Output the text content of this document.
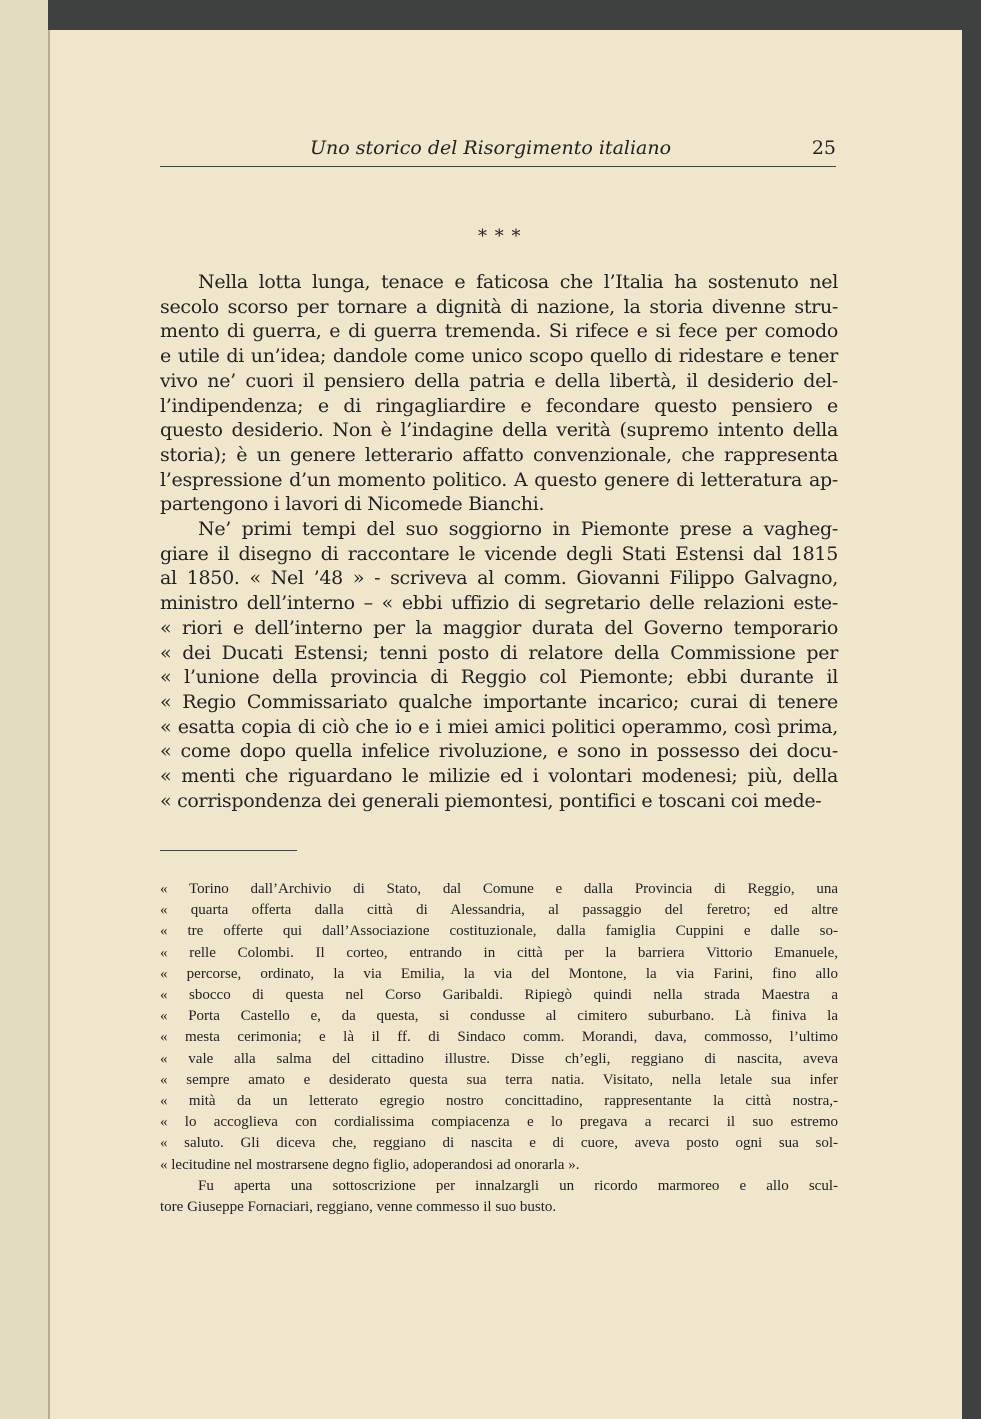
Uno storico del Risorgimento italiano	25
* * *
Nella lotta lunga, tenace e faticosa che l’Italia ha sostenuto nel
secolo scorso per tornare a dignità di nazione, la storia divenne stru-
mento di guerra, e di guerra tremenda. Si rifece e si fece per comodo
e utile di un’idea; dandole come unico scopo quello di ridestare e tener
vivo ne’ cuori il pensiero della patria e della libertà, il desiderio del-
l’indipendenza; e di ringagliardire e fecondare questo pensiero e
questo desiderio. Non è l’indagine della verità (supremo intento della
storia); è un genere letterario affatto convenzionale, che rappresenta
l’espressione d’un momento politico. A questo genere di letteratura ap-
partengono i lavori di Nicomede Bianchi.
Ne’ primi tempi del suo soggiorno in Piemonte prese a vagheg-
giare il disegno di raccontare le vicende degli Stati Estensi dal 1815
al 1850. « Nel ’48 » - scriveva al comm. Giovanni Filippo Galvagno,
ministro dell’interno – « ebbi uffizio di segretario delle relazioni este-
« riori e dell’interno per la maggior durata del Governo temporario
« dei Ducati Estensi; tenni posto di relatore della Commissione per
« l’unione della provincia di Reggio col Piemonte; ebbi durante il
« Regio Commissariato qualche importante incarico; curai di tenere
« esatta copia di ciò che io e i miei amici politici operammo, così prima,
« come dopo quella infelice rivoluzione, e sono in possesso dei docu-
« menti che riguardano le milizie ed i volontari modenesi; più, della
« corrispondenza dei generali piemontesi, pontifici e toscani coi mede-
« Torino dall’Archivio di Stato, dal Comune e dalla Provincia di Reggio, una
« quarta offerta dalla città di Alessandria, al passaggio del feretro; ed altre
« tre offerte qui dall’Associazione costituzionale, dalla famiglia Cuppini e dalle so-
« relle Colombi. Il corteo, entrando in città per la barriera Vittorio Emanuele,
« percorse, ordinato, la via Emilia, la via del Montone, la via Farini, fino allo
« sbocco di questa nel Corso Garibaldi. Ripiegò quindi nella strada Maestra a
« Porta Castello e, da questa, si condusse al cimitero suburbano. Là finiva la
« mesta cerimonia; e là il ff. di Sindaco comm. Morandi, dava, commosso, l’ultimo
« vale alla salma del cittadino illustre. Disse ch’egli, reggiano di nascita, aveva
« sempre amato e desiderato questa sua terra natia. Visitato, nella letale sua infer
« mità da un letterato egregio nostro concittadino, rappresentante la città nostra,-
« lo accoglieva con cordialissima compiacenza e lo pregava a recarci il suo estremo
« saluto. Gli diceva che, reggiano di nascita e di cuore, aveva posto ogni sua sol-
« lecitudine nel mostrarsene degno figlio, adoperandosi ad onorarla ».
Fu aperta una sottoscrizione per innalzargli un ricordo marmoreo e allo scul-
tore Giuseppe Fornaciari, reggiano, venne commesso il suo busto.
